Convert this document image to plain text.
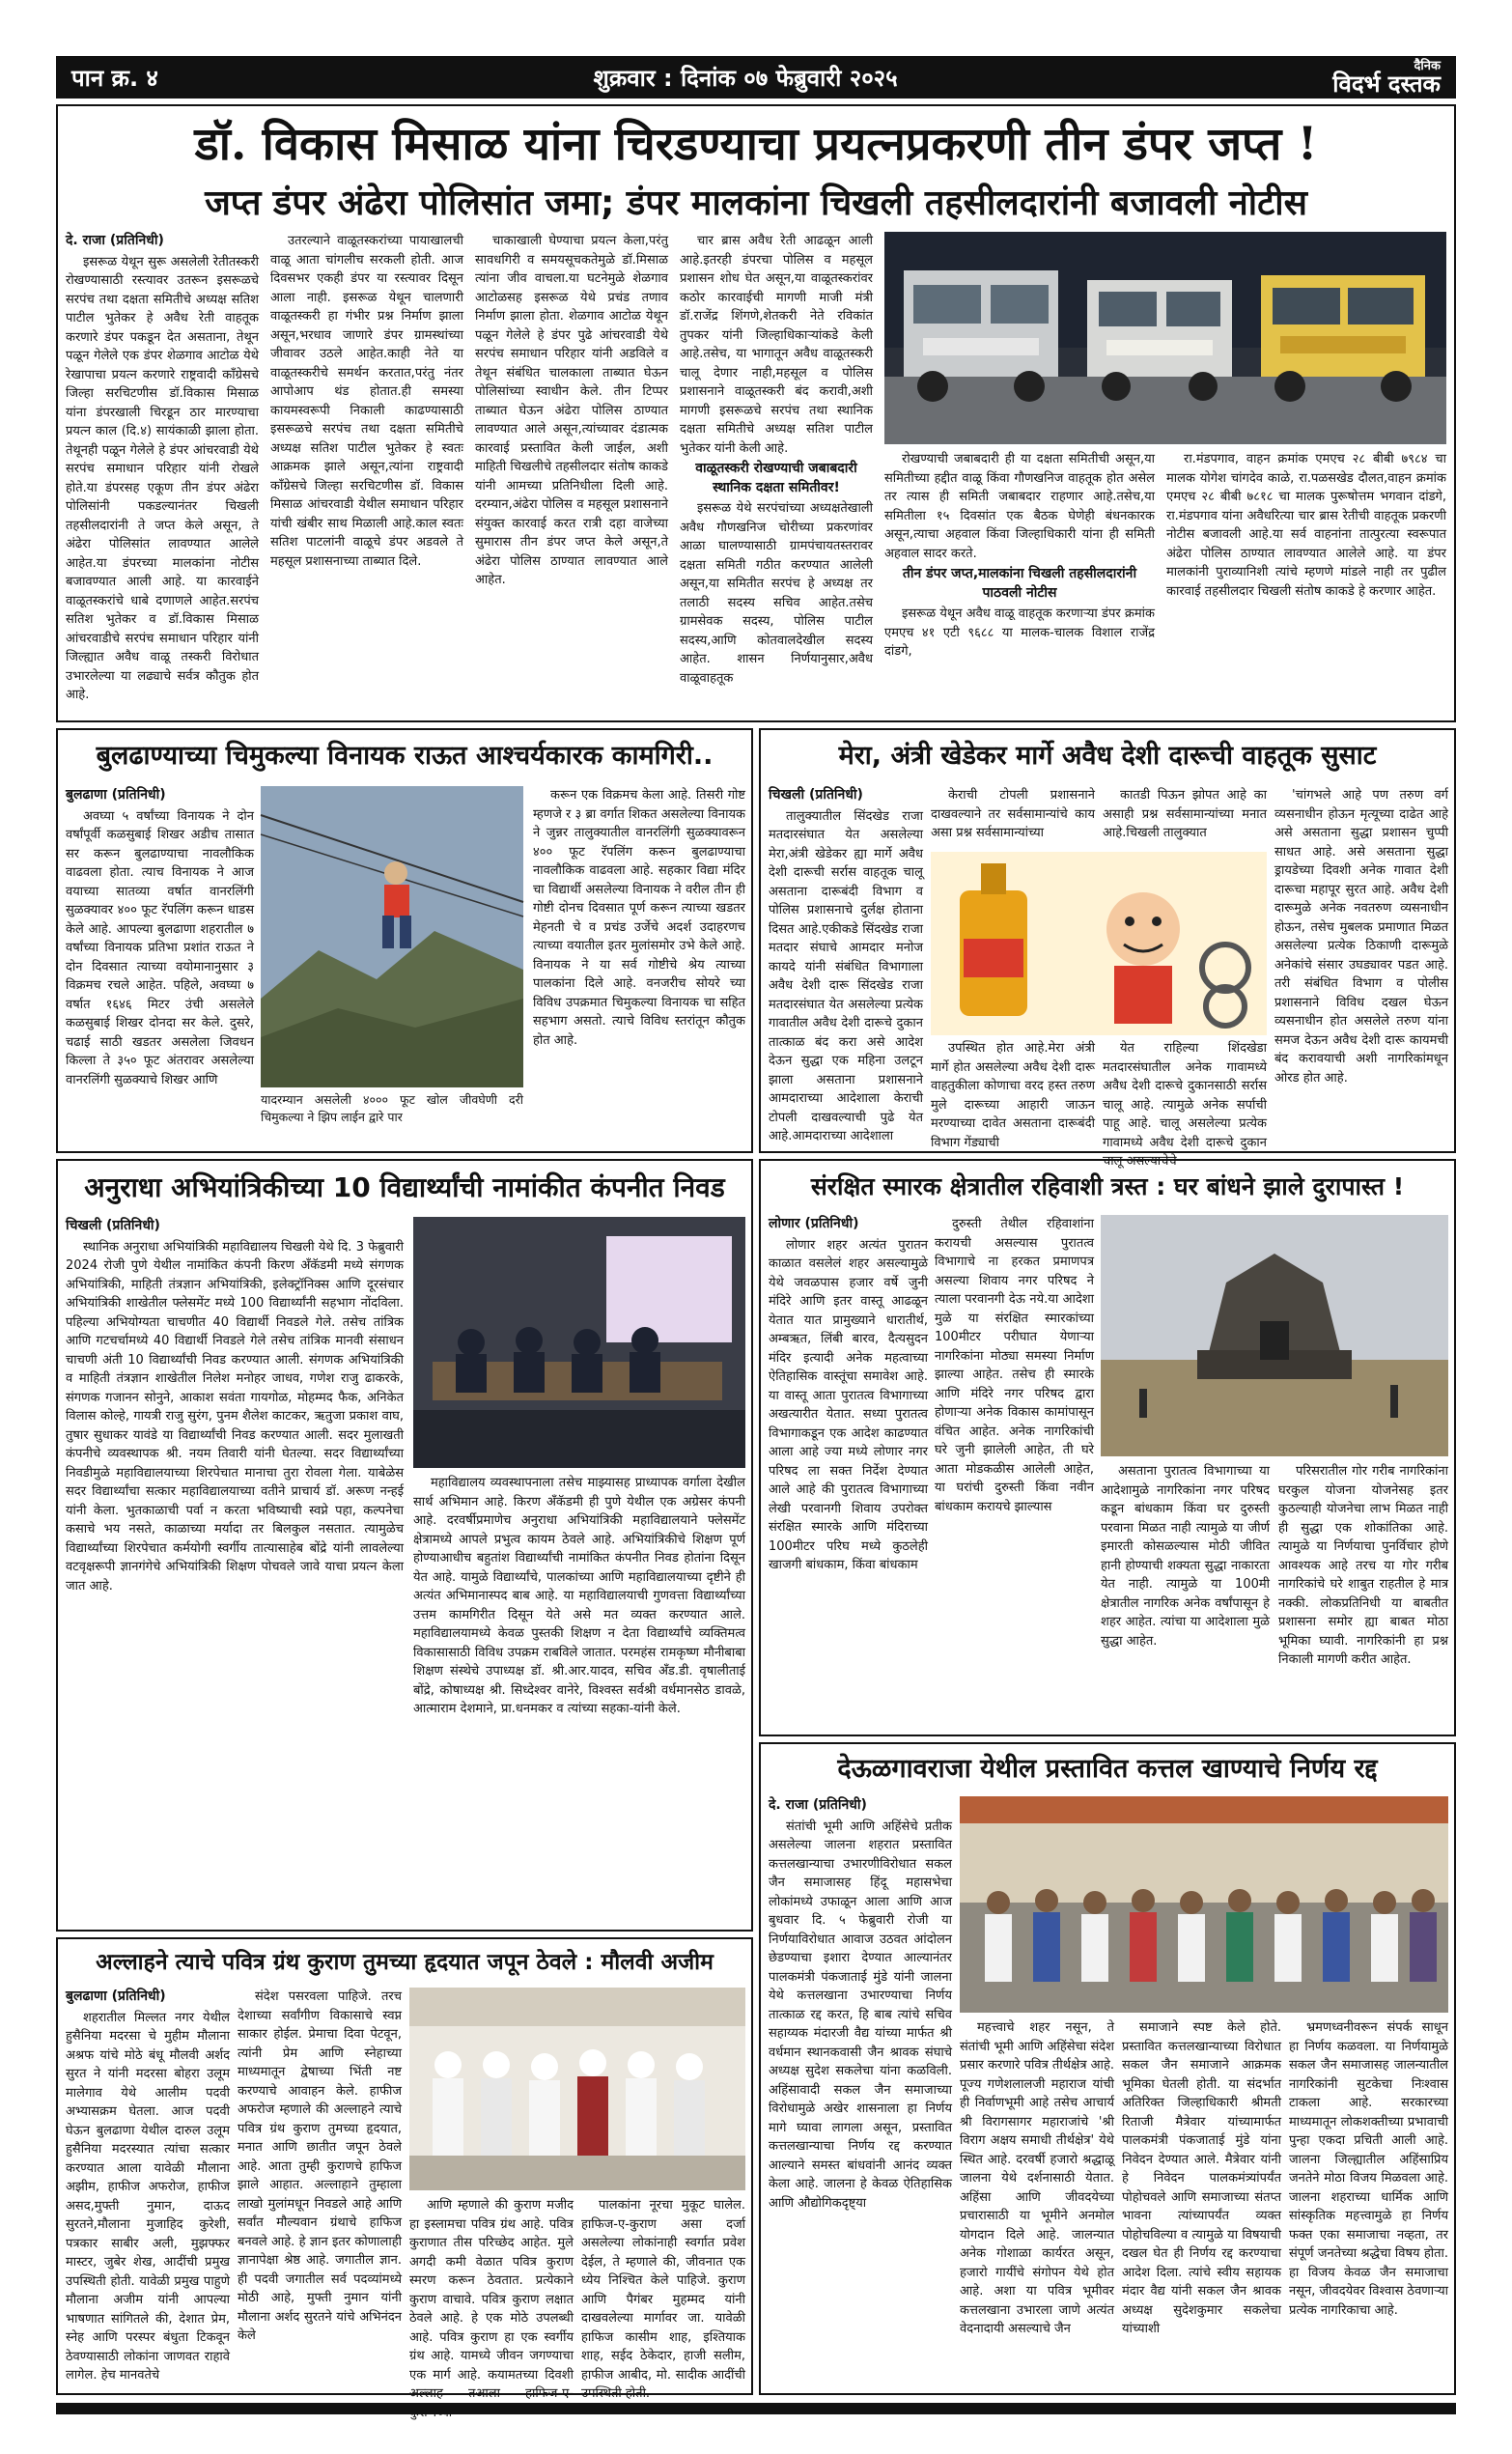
पान क्र. ४	शुक्रवार : दिनांक ०७ फेब्रुवारी २०२५	दैनिक
विदर्भ दस्तक
डॉ. विकास मिसाळ यांना चिरडण्याचा प्रयत्नप्रकरणी तीन डंपर जप्त !
जप्त डंपर अंढेरा पोलिसांत जमा; डंपर मालकांना चिखली तहसीलदारांनी बजावली नोटीस
दे. राजा (प्रतिनिधी)

इसरूळ येथून सुरू असलेली रेतीतस्करी रोखण्यासाठी रस्त्यावर उतरून इसरूळचे सरपंच तथा दक्षता समितीचे अध्यक्ष सतिश पाटील भुतेकर हे अवैध रेती वाहतूक करणारे डंपर पकडून देत असताना, तेथून पळून गेलेले एक डंपर शेळगाव आटोळ येथे रेखापाचा प्रयत्न करणारे राष्ट्रवादी काँग्रेसचे जिल्हा सरचिटणीस डॉ.विकास मिसाळ यांना डंपरखाली चिरडून ठार मारण्याचा प्रयत्न काल (दि.४) सायंकाळी झाला होता. तेथूनही पळून गेलेले हे डंपर आंचरवाडी येथे सरपंच समाधान परिहार यांनी रोखले होते.या डंपरसह एकूण तीन डंपर अंढेरा पोलिसांनी पकडल्यानंतर चिखली तहसीलदारांनी ते जप्त केले असून, ते अंढेरा पोलिसांत लावण्यात आलेले आहेत.या डंपरच्या मालकांना नोटीस बजावण्यात आली आहे. या कारवाईने वाळूतस्करांचे धाबे दणाणले आहेत.सरपंच सतिश भुतेकर व डॉ.विकास मिसाळ आंचरवाडीचे सरपंच समाधान परिहार यांनी जिल्ह्यात अवैध वाळू तस्करी विरोधात उभारलेल्या या लढ्याचे सर्वत्र कौतुक होत आहे.

उतरल्याने वाळूतस्करांच्या पायाखालची वाळू आता चांगलीच सरकली होती. आज दिवसभर एकही डंपर या रस्त्यावर दिसून आला नाही. इसरूळ येथून चालणारी वाळूतस्करी हा गंभीर प्रश्न निर्माण झाला असून,भरधाव जाणारे डंपर ग्रामस्थांच्या जीवावर उठले आहेत.काही नेते या वाळूतस्करीचे समर्थन करतात,परंतु नंतर आपोआप थंड होतात.ही समस्या कायमस्वरूपी निकाली काढण्यासाठी इसरूळचे सरपंच तथा दक्षता समितीचे अध्यक्ष सतिश पाटील भुतेकर हे स्वतः आक्रमक झाले असून,त्यांना राष्ट्रवादी काँग्रेसचे जिल्हा सरचिटणीस डॉ. विकास मिसाळ आंचरवाडी येथील समाधान परिहार यांची खंबीर साथ मिळाली आहे.काल स्वतः सतिश पाटलांनी वाळूचे डंपर अडवले ते महसूल प्रशासनाच्या ताब्यात दिले.

चाकाखाली घेण्याचा प्रयत्न केला,परंतु सावधगिरी व समयसूचकतेमुळे डॉ.मिसाळ त्यांना जीव वाचला.या घटनेमुळे शेळगाव आटोळसह इसरूळ येथे प्रचंड तणाव निर्माण झाला होता. शेळगाव आटोळ येथून पळून गेलेले हे डंपर पुढे आंचरवाडी येथे सरपंच समाधान परिहार यांनी अडविले व तेथून संबंधित चालकाला ताब्यात घेऊन पोलिसांच्या स्वाधीन केले. तीन टिप्पर ताब्यात घेऊन अंढेरा पोलिस ठाण्यात लावण्यात आले असून,त्यांच्यावर दंडात्मक कारवाई प्रस्तावित केली जाईल, अशी माहिती चिखलीचे तहसीलदार संतोष काकडे यांनी आमच्या प्रतिनिधीला दिली आहे. दरम्यान,अंढेरा पोलिस व महसूल प्रशासनाने संयुक्त कारवाई करत रात्री दहा वाजेच्या सुमारास तीन डंपर जप्त केले असून,ते अंढेरा पोलिस ठाण्यात लावण्यात आले आहेत.

चार ब्रास अवैध रेती आढळून आली आहे.इतरही डंपरचा पोलिस व महसूल प्रशासन शोध घेत असून,या वाळूतस्करांवर कठोर कारवाईची मागणी माजी मंत्री डॉ.राजेंद्र शिंगणे,शेतकरी नेते रविकांत तुपकर यांनी जिल्हाधिकाऱ्यांकडे केली आहे.तसेच, या भागातून अवैध वाळूतस्करी चालू देणार नाही,महसूल व पोलिस प्रशासनाने वाळूतस्करी बंद करावी,अशी मागणी इसरूळचे सरपंच तथा स्थानिक दक्षता समितीचे अध्यक्ष सतिश पाटील भुतेकर यांनी केली आहे.

वाळूतस्करी रोखण्याची जबाबदारी स्थानिक दक्षता समितीवर!

इसरूळ येथे सरपंचांच्या अध्यक्षतेखाली अवैध गौणखनिज चोरीच्या प्रकरणांवर आळा घालण्यासाठी ग्रामपंचायतस्तरावर दक्षता समिती गठीत करण्यात आलेली असून,या समितीत सरपंच हे अध्यक्ष तर तलाठी सदस्य सचिव आहेत.तसेच ग्रामसेवक सदस्य, पोलिस पाटील सदस्य,आणि कोतवालदेखील सदस्य आहेत. शासन निर्णयानुसार,अवैध वाळूवाहतूक

रोखण्याची जबाबदारी ही या दक्षता समितीची असून,या समितीच्या हद्दीत वाळू किंवा गौणखनिज वाहतूक होत असेल तर त्यास ही समिती जबाबदार राहणार आहे.तसेच,या समितीला १५ दिवसांत एक बैठक घेणेही बंधनकारक असून,त्याचा अहवाल किंवा जिल्हाधिकारी यांना ही समिती अहवाल सादर करते.

तीन डंपर जप्त,मालकांना चिखली तहसीलदारांनी पाठवली नोटीस

इसरूळ येथून अवैध वाळू वाहतूक करणाऱ्या डंपर क्रमांक एमएच ४१ एटी ९६८८ या मालक-चालक विशाल राजेंद्र दांडगे,

रा.मंडपगाव, वाहन क्रमांक एमएच २८ बीबी ७९८४ चा मालक योगेश चांगदेव काळे, रा.पळसखेड दौलत,वाहन क्रमांक एमएच २८ बीबी ७८१८ चा मालक पुरूषोत्तम भगवान दांडगे, रा.मंडपगाव यांना अवैधरित्या चार ब्रास रेतीची वाहतूक प्रकरणी नोटीस बजावली आहे.या सर्व वाहनांना तात्पुरत्या स्वरूपात अंढेरा पोलिस ठाण्यात लावण्यात आलेले आहे. या डंपर मालकांनी पुराव्यानिशी त्यांचे म्हणणे मांडले नाही तर पुढील कारवाई तहसीलदार चिखली संतोष काकडे हे करणार आहेत.

बुलढाण्याच्या चिमुकल्या विनायक राऊत आश्चर्यकारक कामगिरी..
बुलढाणा (प्रतिनिधी)

अवघ्या ५ वर्षांच्या विनायक ने दोन वर्षांपूर्वी कळसुबाई शिखर अडीच तासात सर करून बुलढाण्याचा नावलौकिक वाढवला होता. त्याच विनायक ने आज वयाच्या सातव्या वर्षात वानरलिंगी सुळक्यावर ४०० फूट रॅपलिंग करून धाडस केले आहे. आपल्या बुलढाणा शहरातील ७ वर्षांच्या विनायक प्रतिभा प्रशांत राऊत ने दोन दिवसात त्याच्या वयोमानानुसार ३ विक्रमच रचले आहेत. पहिले, अवघ्या ७ वर्षात १६४६ मिटर उंची असलेले कळसुबाई शिखर दोनदा सर केले. दुसरे, चढाई साठी खडतर असलेला जिवधन किल्ला ते ३५० फूट अंतरावर असलेल्या वानरलिंगी सुळक्याचे शिखर आणि

यादरम्यान असलेली ४००० फूट खोल जीवघेणी दरी चिमुकल्या ने झिप लाईन द्वारे पार

करून एक विक्रमच केला आहे. तिसरी गोष्ट म्हणजे र ३ ब्रा वर्गात शिकत असलेल्या विनायक ने जुन्नर तालुक्यातील वानरलिंगी सुळक्यावरून ४०० फूट रॅपलिंग करून बुलढाण्याचा नावलौकिक वाढवला आहे. सहकार विद्या मंदिर चा विद्यार्थी असलेल्या विनायक ने वरील तीन ही गोष्टी दोनच दिवसात पूर्ण करून त्याच्या खडतर मेहनती चे व प्रचंड उर्जेचे अदर्श उदाहरणच त्याच्या वयातील इतर मुलांसमोर उभे केले आहे. विनायक ने या सर्व गोष्टीचे श्रेय त्याच्या पालकांना दिले आहे. वनजरीच सोयरे च्या विविध उपक्रमात चिमुकल्या विनायक चा सहित सहभाग असतो. त्याचे विविध स्तरांतून कौतुक होत आहे.

मेरा, अंत्री खेडेकर मार्गे अवैध देशी दारूची वाहतूक सुसाट
चिखली (प्रतिनिधी)

तालुक्यातील सिंदखेड राजा मतदारसंघात येत असलेल्या मेरा,अंत्री खेडेकर ह्या मार्गे अवैध देशी दारूची सर्रास वाहतूक चालू असताना दारूबंदी विभाग व पोलिस प्रशासनाचे दुर्लक्ष होताना दिसत आहे.एकीकडे सिंदखेड राजा मतदार संघाचे आमदार मनोज कायदे यांनी संबंधित विभागाला अवैध देशी दारू सिंदखेड राजा मतदारसंघात येत असलेल्या प्रत्येक गावातील अवैध देशी दारूचे दुकान तात्काळ बंद करा असे आदेश देऊन सुद्धा एक महिना उलटून झाला असताना प्रशासनाने आमदाराच्या आदेशाला केराची टोपली दाखवल्याची पुढे येत आहे.आमदाराच्या आदेशाला

केराची टोपली प्रशासनाने दाखवल्याने तर सर्वसामान्यांचे काय असा प्रश्न सर्वसामान्यांच्या

कातडी पिऊन झोपत आहे का असाही प्रश्न सर्वसामान्यांच्या मनात आहे.चिखली तालुक्यात

'चांगभले आहे पण तरुण वर्ग व्यसनाधीन होऊन मृत्यूच्या दाढेत आहे असे असताना सुद्धा प्रशासन चुप्पी साधत आहे. असे असताना सुद्धा ड्रायडेच्या दिवशी अनेक गावात देशी दारूचा महापूर सुरत आहे. अवैध देशी दारूमुळे अनेक नवतरुण व्यसनाधीन होऊन, तसेच मुबलक प्रमाणात मिळत असलेल्या प्रत्येक ठिकाणी दारूमुळे अनेकांचे संसार उघड्यावर पडत आहे. तरी संबंधित विभाग व पोलीस प्रशासनाने विविध दखल घेऊन व्यसनाधीन होत असलेले तरुण यांना समज देऊन अवैध देशी दारू कायमची बंद करावयाची अशी नागरिकांमधून ओरड होत आहे.

उपस्थित होत आहे.मेरा अंत्री मार्गे होत असलेल्या अवैध देशी दारू वाहतुकीला कोणाचा वरद हस्त तरुण मुले दारूच्या आहारी जाऊन मरण्याच्या दावेत असताना दारूबंदी विभाग गेंड्याची

येत राहिल्या शिंदखेडा मतदारसंघातील अनेक गावामध्ये अवैध देशी दारूचे दुकानसाठी सर्रास चालू आहे. त्यामुळे अनेक सर्पाची पाहू आहे. चालू असलेल्या प्रत्येक गावामध्ये अवैध देशी दारूचे दुकान चालू असल्याचेचे

अनुराधा अभियांत्रिकीच्या 10 विद्यार्थ्यांची नामांकीत कंपनीत निवड
चिखली (प्रतिनिधी)

स्थानिक अनुराधा अभियांत्रिकी महाविद्यालय चिखली येथे दि. 3 फेब्रुवारी 2024 रोजी पुणे येथील नामांकित कंपनी किरण अँकॅडमी मध्ये संगणक अभियांत्रिकी, माहिती तंत्रज्ञान अभियांत्रिकी, इलेक्ट्रॉनिक्स आणि दूरसंचार अभियांत्रिकी शाखेतील फ्लेसमेंट मध्ये 100 विद्यार्थ्यांनी सहभाग नोंदविला. पहिल्या अभियोग्यता चाचणीत 40 विद्यार्थी निवडले गेले. तसेच तांत्रिक आणि गटचर्चामध्ये 40 विद्यार्थी निवडले गेले तसेच तांत्रिक मानवी संसाधन चाचणी अंती 10 विद्यार्थ्यांची निवड करण्यात आली. संगणक अभियांत्रिकी व माहिती तंत्रज्ञान शाखेतील निलेश मनोहर जाधव, गणेश राजु ढाकरके, संगणक गजानन सोनुने, आकाश सवंता गायगोळ, मोहम्मद फैक, अनिकेत विलास कोल्हे, गायत्री राजु सुरंग, पुनम शैलेश काटकर, ऋतुजा प्रकाश वाघ, तुषार सुधाकर यावंडे या विद्यार्थ्यांची निवड करण्यात आली. सदर मुलाखती कंपनीचे व्यवस्थापक श्री. नयम तिवारी यांनी घेतल्या. सदर विद्यार्थ्यांच्या निवडीमुळे महाविद्यालयाच्या शिरपेचात मानाचा तुरा रोवला गेला. याबेळेस सदर विद्यार्थ्यांचा सत्कार महाविद्यालयाच्या वतीने प्राचार्य डॉ. अरूण नन्हई यांनी केला. भुतकाळाची पर्वा न करता भविष्याची स्वप्ने पहा, कल्पनेचा कसाचे भय नसते, काळाच्या मर्यादा तर बिलकुल नसतात. त्यामुळेच विद्यार्थ्यांच्या शिरपेचात कर्मयोगी स्वर्गीय तात्यासाहेब बोंद्रे यांनी लावलेल्या वटवृक्षरूपी ज्ञानगंगेचे अभियांत्रिकी शिक्षण पोचवले जावे याचा प्रयत्न केला जात आहे.

महाविद्यालय व्यवस्थापनाला तसेच माझ्यासह प्राध्यापक वर्गाला देखील सार्थ अभिमान आहे. किरण अँकॅडमी ही पुणे येथील एक अग्रेसर कंपनी आहे. दरवर्षीप्रमाणेच अनुराधा अभियांत्रिकी महाविद्यालयाने फ्लेसमेंट क्षेत्रामध्ये आपले प्रभुत्व कायम ठेवले आहे. अभियांत्रिकीचे शिक्षण पूर्ण होण्याआधीच बहुतांश विद्यार्थ्यांची नामांकित कंपनीत निवड होतांना दिसून येत आहे. यामुळे विद्यार्थ्यांचे, पालकांच्या आणि महाविद्यालयाच्या दृष्टीने ही अत्यंत अभिमानास्पद बाब आहे. या महाविद्यालयाची गुणवत्ता विद्यार्थ्यांच्या उत्तम कामगिरीत दिसून येते असे मत व्यक्त करण्यात आले. महाविद्यालयामध्ये केवळ पुस्तकी शिक्षण न देता विद्यार्थ्यांचे व्यक्तिमत्व विकासासाठी विविध उपक्रम राबविले जातात. परमहंस रामकृष्ण मौनीबाबा शिक्षण संस्थेचे उपाध्यक्ष डॉ. श्री.आर.यादव, सचिव अँड.डी. वृषालीताई बोंद्रे, कोषाध्यक्ष श्री. सिध्देश्वर वानेरे, विश्वस्त सर्वश्री वर्धमानसेठ डावळे, आत्माराम देशमाने, प्रा.धनमकर व त्यांच्या सहका-यांनी केले.

संरक्षित स्मारक क्षेत्रातील रहिवाशी त्रस्त : घर बांधने झाले दुरापास्त !
लोणार (प्रतिनिधी)

लोणार शहर अत्यंत पुरातन काळात वसलेलं शहर असल्यामुळे येथे जवळपास हजार वर्षे जुनी मंदिरे आणि इतर वास्तू आढळून येतात यात प्रामुख्याने धारातीर्थ, अम्बऋत, लिंबी बारव, दैत्यसुदन मंदिर इत्यादी अनेक महत्वाच्या ऐतिहासिक वास्तूंचा समावेश आहे. या वास्तू आता पुरातत्व विभागाच्या अखत्यारीत येतात. सध्या पुरातत्व विभागाकडून एक आदेश काढण्यात आला आहे ज्या मध्ये लोणार नगर परिषद ला सक्त निर्देश देण्यात आले आहे की पुरातत्व विभागाच्या लेखी परवानगी शिवाय उपरोक्त संरक्षित स्मारके आणि मंदिराच्या 100मीटर परिघ मध्ये कुठलेही खाजगी बांधकाम, किंवा बांधकाम

दुरुस्ती तेथील रहिवाशांना करायची असल्यास पुरातत्व विभागाचे ना हरकत प्रमाणपत्र असल्या शिवाय नगर परिषद ने त्याला परवानगी देऊ नये.या आदेशा मुळे या संरक्षित स्मारकांच्या 100मीटर परीघात येणाऱ्या नागरिकांना मोठ्या समस्या निर्माण झाल्या आहेत. तसेच ही स्मारके आणि मंदिरे नगर परिषद द्वारा होणाऱ्या अनेक विकास कामांपासून वंचित आहेत. अनेक नागरिकांची घरे जुनी झालेली आहेत, ती घरे आता मोडकळीस आलेली आहेत, या घरांची दुरुस्ती किंवा नवीन बांधकाम करायचे झाल्यास

असताना पुरातत्व विभागाच्या या आदेशामुळे नागरिकांना नगर परिषद कडून बांधकाम किंवा घर दुरुस्ती परवाना मिळत नाही त्यामुळे या जीर्ण इमारती कोसळल्यास मोठी जीवित हानी होण्याची शक्यता सुद्धा नाकारता येत नाही. त्यामुळे या 100मी क्षेत्रातील नागरिक अनेक वर्षांपासून हे शहर आहेत. त्यांचा या आदेशाला मुळे सुद्धा आहेत.

परिसरातील गोर गरीब नागरिकांना घरकुल योजना योजनेसह इतर कुठल्याही योजनेचा लाभ मिळत नाही ही सुद्धा एक शोकांतिका आहे. त्यामुळे या निर्णयाचा पुनर्विचार होणे आवश्यक आहे तरच या गोर गरीब नागरिकांचे घरे शाबुत राहतील हे मात्र नक्की. लोकप्रतिनिधी या बाबतीत प्रशासना समोर ह्या बाबत मोठा भूमिका घ्यावी. नागरिकांनी हा प्रश्न निकाली मागणी करीत आहेत.

देऊळगावराजा येथील प्रस्तावित कत्तल खाण्याचे निर्णय रद्द
दे. राजा (प्रतिनिधी)

संतांची भूमी आणि अहिंसेचे प्रतीक असलेल्या जालना शहरात प्रस्तावित कत्तलखान्याचा उभारणीविरोधात सकल जैन समाजासह हिंदू महासभेचा लोकांमध्ये उफाळून आला आणि आज बुधवार दि. ५ फेब्रुवारी रोजी या निर्णयाविरोधात आवाज उठवत आंदोलन छेडण्याचा इशारा देण्यात आल्यानंतर पालकमंत्री पंकजाताई मुंडे यांनी जालना येथे कत्तलखाना उभारण्याचा निर्णय तात्काळ रद्द करत, हि बाब त्यांचे सचिव सहाय्यक मंदारजी वैद्य यांच्या मार्फत श्री वर्धमान स्थानकवासी जैन श्रावक संघाचे अध्यक्ष सुदेश सकलेचा यांना कळविली. अहिंसावादी सकल जैन समाजाच्या विरोधामुळे अखेर शासनाला हा निर्णय मागे घ्यावा लागला असून, प्रस्तावित कत्तलखान्याचा निर्णय रद्द करण्यात आल्याने समस्त बांधवांनी आनंद व्यक्त केला आहे. जालना हे केवळ ऐतिहासिक आणि औद्योगिकदृष्ट्या

महत्त्वाचे शहर नसून, ते संतांची भूमी आणि अहिंसेचा संदेश प्रसार करणारे पवित्र तीर्थक्षेत्र आहे. पूज्य गणेशलालजी महाराज यांची ही निर्वाणभूमी आहे तसेच आचार्य श्री विरागसागर महाराजांचे 'श्री विराग अक्षय समाधी तीर्थक्षेत्र' येथे स्थित आहे. दरवर्षी हजारो श्रद्धाळू जालना येथे दर्शनासाठी येतात. अहिंसा आणि जीवदयेच्या प्रचारासाठी या भूमीने अनमोल योगदान दिले आहे. जालन्यात अनेक गोशाळा कार्यरत असून, हजारो गायींचे संगोपन येथे होत आहे. अशा या पवित्र भूमीवर कत्तलखाना उभारला जाणे अत्यंत वेदनादायी असल्याचे जैन

समाजाने स्पष्ट केले होते. प्रस्तावित कत्तलखान्याच्या विरोधात सकल जैन समाजाने आक्रमक भूमिका घेतली होती. या संदर्भात अतिरिक्त जिल्हाधिकारी श्रीमती रिताजी मैत्रेवार यांच्यामार्फत पालकमंत्री पंकजाताई मुंडे यांना निवेदन देण्यात आले. मैत्रेवार यांनी हे निवेदन पालकमंत्र्यांपर्यंत पोहोचवले आणि समाजाच्या संतप्त भावना त्यांच्यापर्यंत व्यक्त पोहोचविल्या व त्यामुळे या विषयाची दखल घेत ही निर्णय रद्द करण्याचा आदेश दिला. त्यांचे स्वीय सहायक मंदार वैद्य यांनी सकल जैन श्रावक अध्यक्ष सुदेशकुमार सकलेचा यांच्याशी

भ्रमणध्वनीवरून संपर्क साधून हा निर्णय कळवला. या निर्णयामुळे सकल जैन समाजासह जालन्यातील नागरिकांनी सुटकेचा निःश्वास टाकला आहे. सरकारच्या माध्यमातून लोकशक्तीच्या प्रभावाची पुन्हा एकदा प्रचिती आली आहे. जालना जिल्ह्यातील अहिंसाप्रिय जनतेने मोठा विजय मिळवला आहे. जालना शहराच्या धार्मिक आणि सांस्कृतिक महत्त्वामुळे हा निर्णय फक्त एका समाजाचा नव्हता, तर संपूर्ण जनतेच्या श्रद्धेचा विषय होता. हा विजय केवळ जैन समाजाचा नसून, जीवदयेवर विश्वास ठेवणाऱ्या प्रत्येक नागरिकाचा आहे.

अल्लाहने त्याचे पवित्र ग्रंथ कुराण तुमच्या हृदयात जपून ठेवले : मौलवी अजीम
बुलढाणा (प्रतिनिधी)

शहरातील मिल्लत नगर येथील हुसैनिया मदरसा चे मुहीम मौलाना अश्रफ यांचे मोठे बंधू मौलवी अर्शद सुरत ने यांनी मदरसा बोहरा उलूम मालेगाव येथे आलीम पदवी अभ्यासक्रम घेतला. आज पदवी घेऊन बुलढाणा येथील दारुल उलूम हुसैनिया मदरस्यात त्यांचा सत्कार करण्यात आला यावेळी मौलाना अझीम, हाफीज अफरोज, हाफीज असद,मुफ्ती नुमान, दाऊद सुरतने,मौलाना मुजाहिद कुरेशी, पत्रकार साबीर अली, मुझफ्फर मास्टर, जुबेर शेख, आदींची प्रमुख उपस्थिती होती. यावेळी प्रमुख पाहुणे मौलाना अजीम यांनी आपल्या भाषणात सांगितले की, देशात प्रेम, स्नेह आणि परस्पर बंधुता टिकवून ठेवण्यासाठी लोकांना जाणवत राहावे लागेल. हेच मानवतेचे

संदेश पसरवला पाहिजे. तरच देशाच्या सर्वांगीण विकासाचे स्वप्न साकार होईल. प्रेमाचा दिवा पेटवून, त्यांनी प्रेम आणि स्नेहाच्या माध्यमातून द्वेषाच्या भिंती नष्ट करण्याचे आवाहन केले. हाफीज अफरोज म्हणाले की अल्लाहने त्याचे पवित्र ग्रंथ कुराण तुमच्या हृदयात, मनात आणि छातीत जपून ठेवले आहे. आता तुम्ही कुराणचे हाफिज झाले आहात. अल्लाहाने तुम्हाला लाखो मुलांमधून निवडले आहे आणि सर्वांत मौल्यवान ग्रंथाचे हाफिज बनवले आहे. हे ज्ञान इतर कोणालाही ज्ञानापेक्षा श्रेष्ठ आहे. जगातील ज्ञान. ही पदवी जगातील सर्व पदव्यांमध्ये मोठी आहे, मुफ्ती नुमान यांनी मौलाना अर्शद सुरतने यांचे अभिनंदन केले

आणि म्हणाले की कुराण मजीद हा इस्लामचा पवित्र ग्रंथ आहे. पवित्र कुराणात तीस परिच्छेद आहेत. मुले अगदी कमी वेळात पवित्र कुराण स्मरण करून ठेवतात. प्रत्येकाने कुराण वाचावे. पवित्र कुराण लक्षात ठेवले आहे. हे एक मोठे उपलब्धी आहे. पवित्र कुराण हा एक स्वर्गीय ग्रंथ आहे. यामध्ये जीवन जगण्याचा एक मार्ग आहे. कयामतच्या दिवशी अल्लाह तआला हाफिज-ए-

पालकांना नूरचा मुकूट घालेल. हाफिज-ए-कुराण असा दर्जा असलेल्या लोकांनाही स्वर्गात प्रवेश देईल, ते म्हणाले की, जीवनात एक ध्येय निश्चित केले पाहिजे. कुराण आणि पैगंबर मुहम्मद यांनी दाखवलेल्या मार्गावर जा. यावेळी हाफिज कासीम शाह, इश्तियाक शाह, सईद ठेकेदार, हाजी सलीम, हाफीज आबीद, मो. सादीक आदींची उपस्थिती होती.
